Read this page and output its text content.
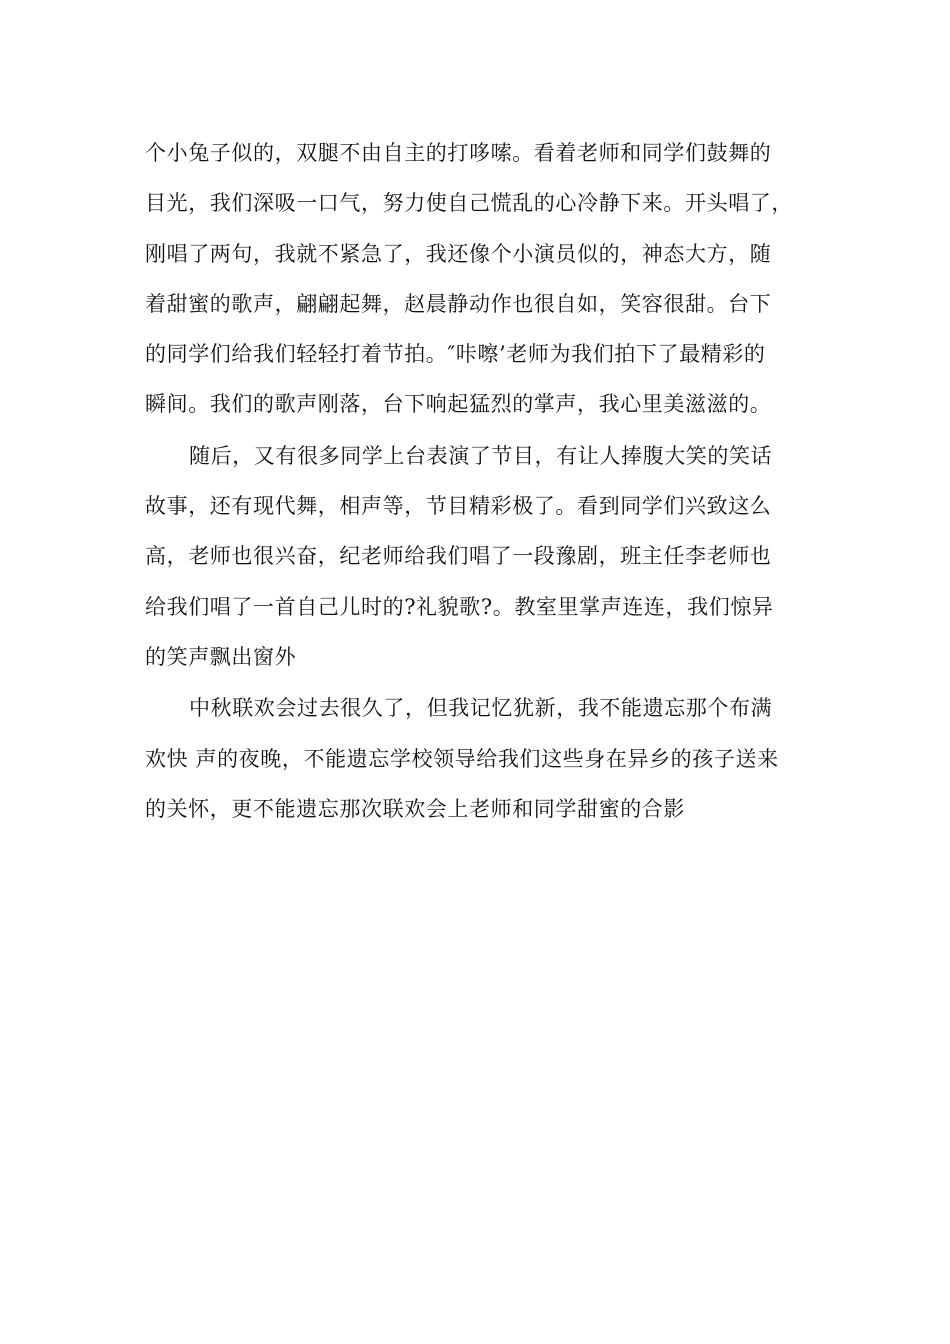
个小兔子似的，双腿不由自主的打哆嗦。看着老师和同学们鼓舞的
目光，我们深吸一口气，努力使自己慌乱的心冷静下来。开头唱了，
刚唱了两句，我就不紧急了，我还像个小演员似的，神态大方，随
着甜蜜的歌声，翩翩起舞，赵晨静动作也很自如，笑容很甜。台下
的同学们给我们轻轻打着节拍。″咔嚓’老师为我们拍下了最精彩的
瞬间。我们的歌声刚落，台下响起猛烈的掌声，我心里美滋滋的。
随后，又有很多同学上台表演了节目，有让人捧腹大笑的笑话
故事，还有现代舞，相声等，节目精彩极了。看到同学们兴致这么
高，老师也很兴奋，纪老师给我们唱了一段豫剧，班主任李老师也
给我们唱了一首自己儿时的?礼貌歌?。教室里掌声连连，我们惊异
的笑声飘出窗外
中秋联欢会过去很久了，但我记忆犹新，我不能遗忘那个布满
欢快 声的夜晚，不能遗忘学校领导给我们这些身在异乡的孩子送来
的关怀，更不能遗忘那次联欢会上老师和同学甜蜜的合影
